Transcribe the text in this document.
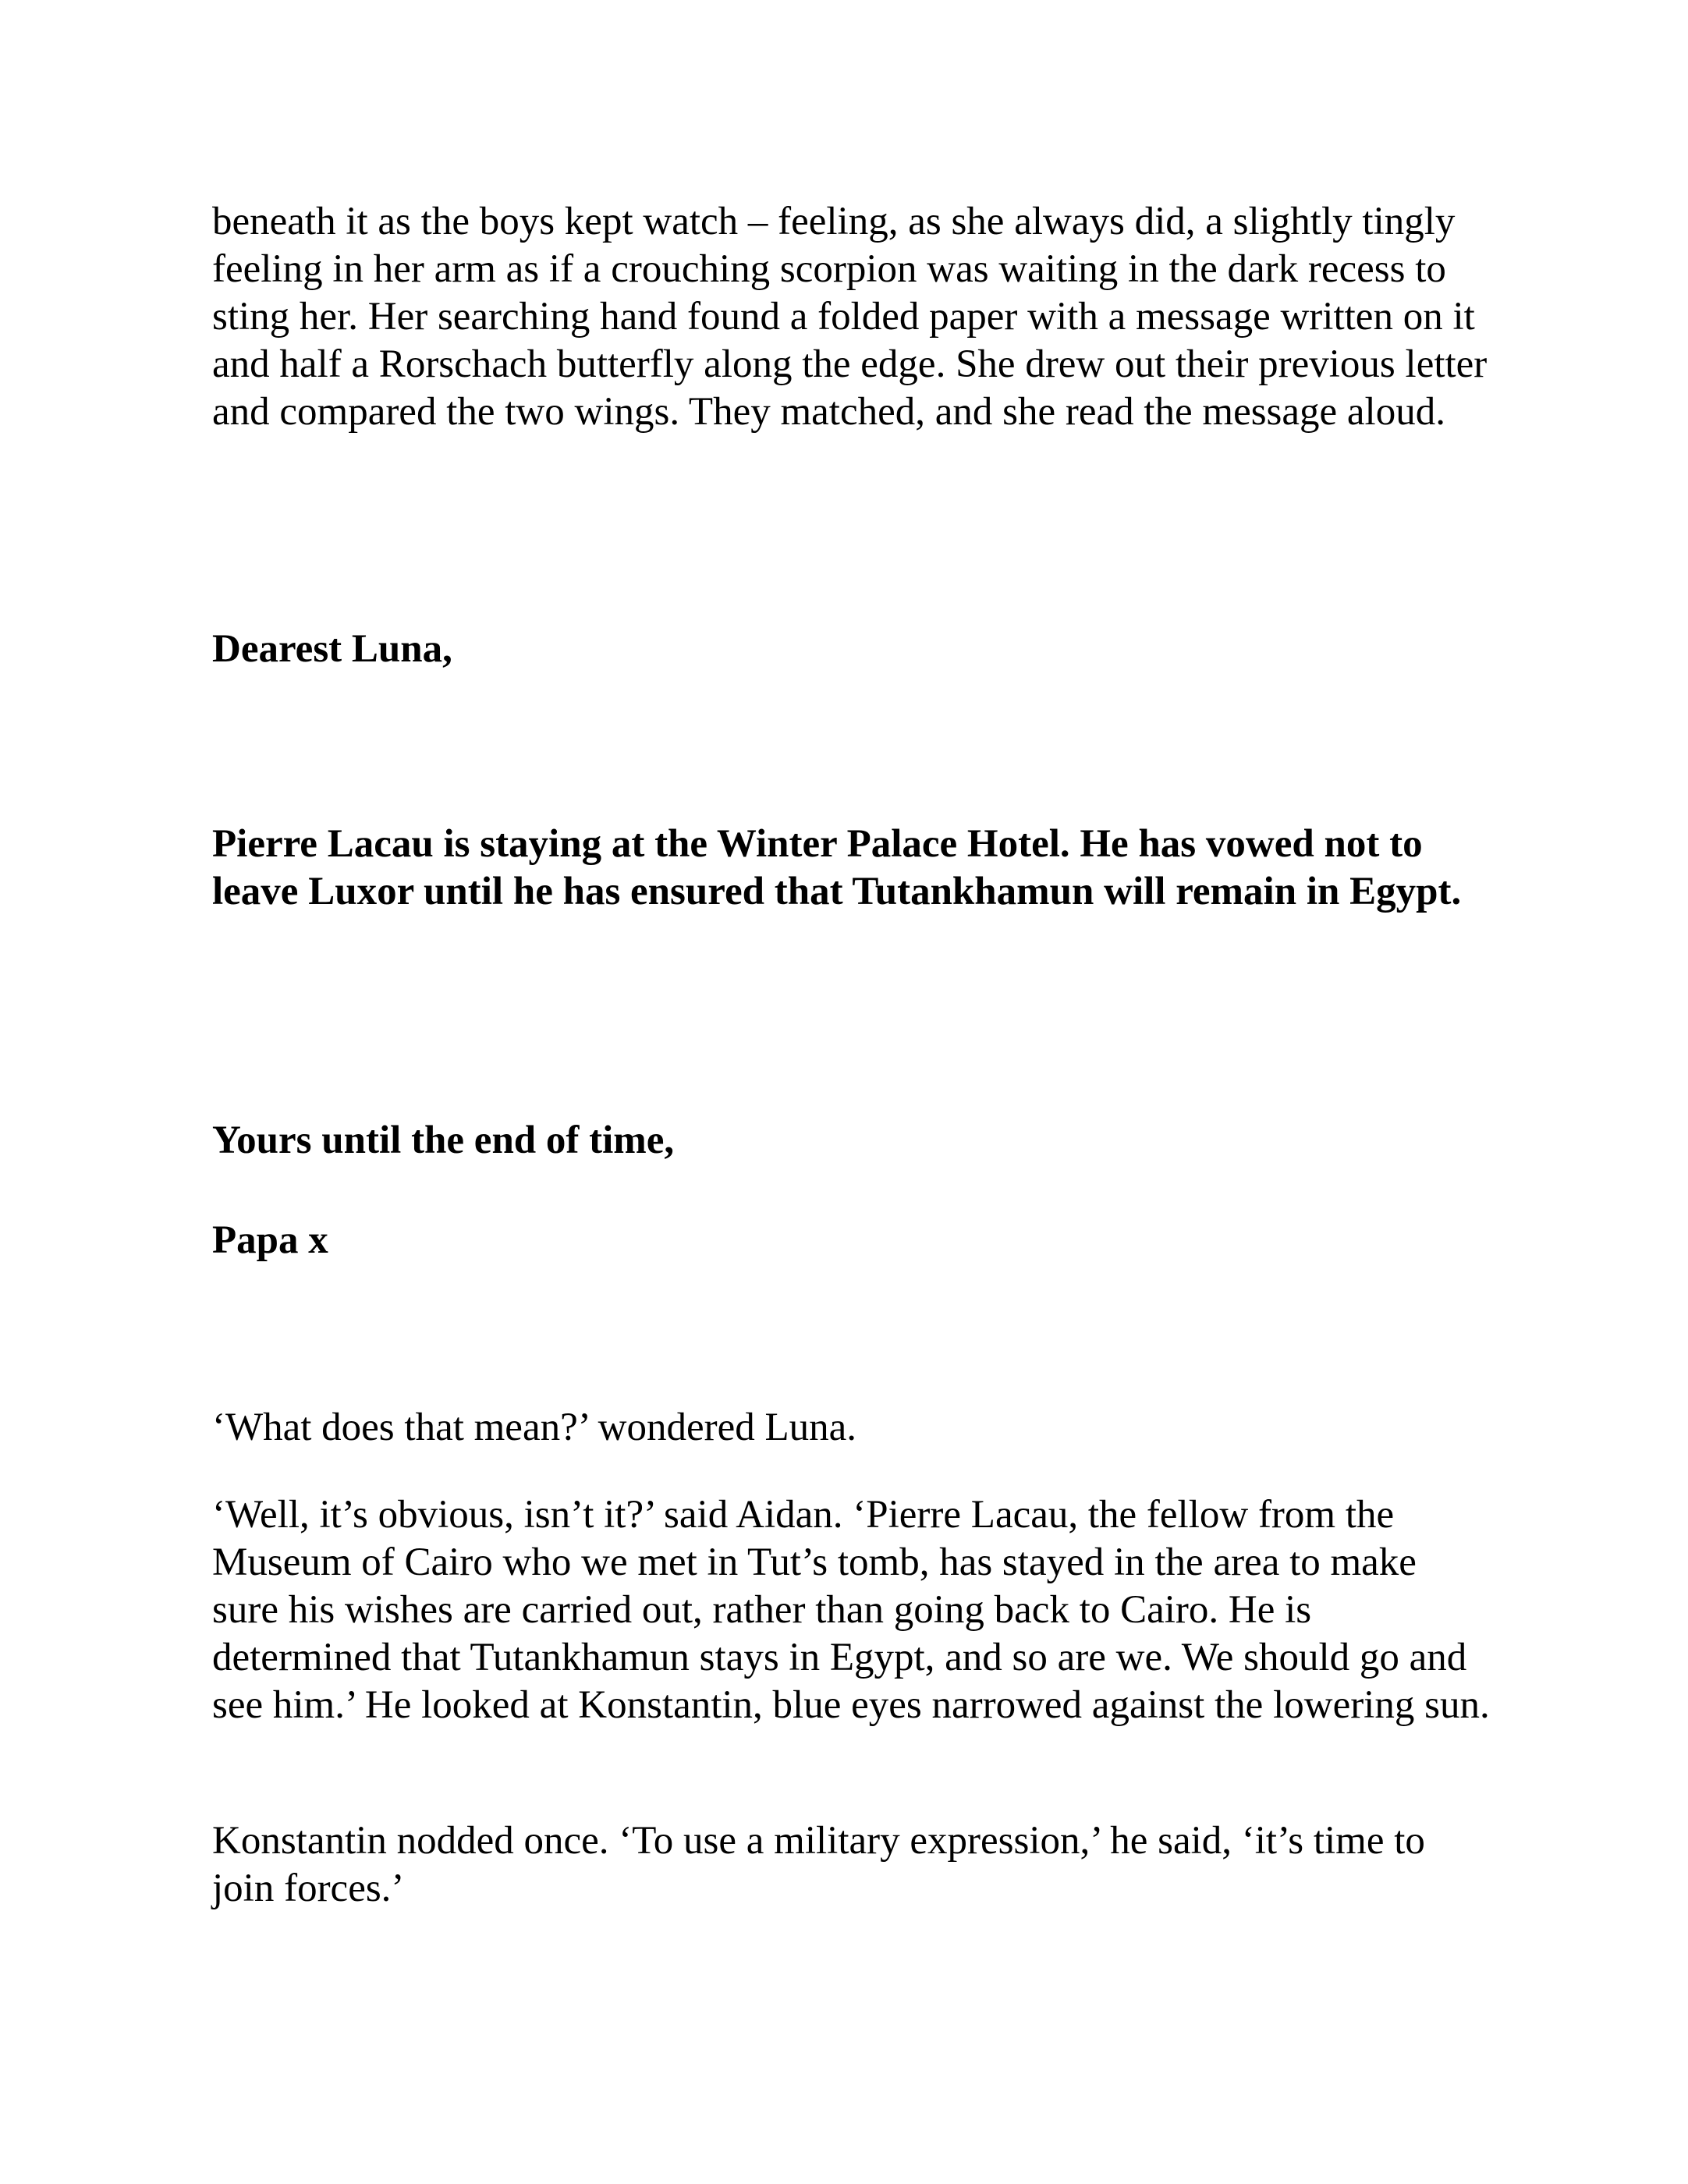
beneath it as the boys kept watch – feeling, as she always did, a slightly tingly feeling in her arm as if a crouching scorpion was waiting in the dark recess to sting her. Her searching hand found a folded paper with a message written on it and half a Rorschach butterfly along the edge. She drew out their previous letter and compared the two wings. They matched, and she read the message aloud.

Dearest Luna,

Pierre Lacau is staying at the Winter Palace Hotel. He has vowed not to leave Luxor until he has ensured that Tutankhamun will remain in Egypt.

Yours until the end of time,

Papa x

‘What does that mean?’ wondered Luna.

‘Well, it’s obvious, isn’t it?’ said Aidan. ‘Pierre Lacau, the fellow from the Museum of Cairo who we met in Tut’s tomb, has stayed in the area to make sure his wishes are carried out, rather than going back to Cairo. He is determined that Tutankhamun stays in Egypt, and so are we. We should go and see him.’ He looked at Konstantin, blue eyes narrowed against the lowering sun.

Konstantin nodded once. ‘To use a military expression,’ he said, ‘it’s time to join forces.’
